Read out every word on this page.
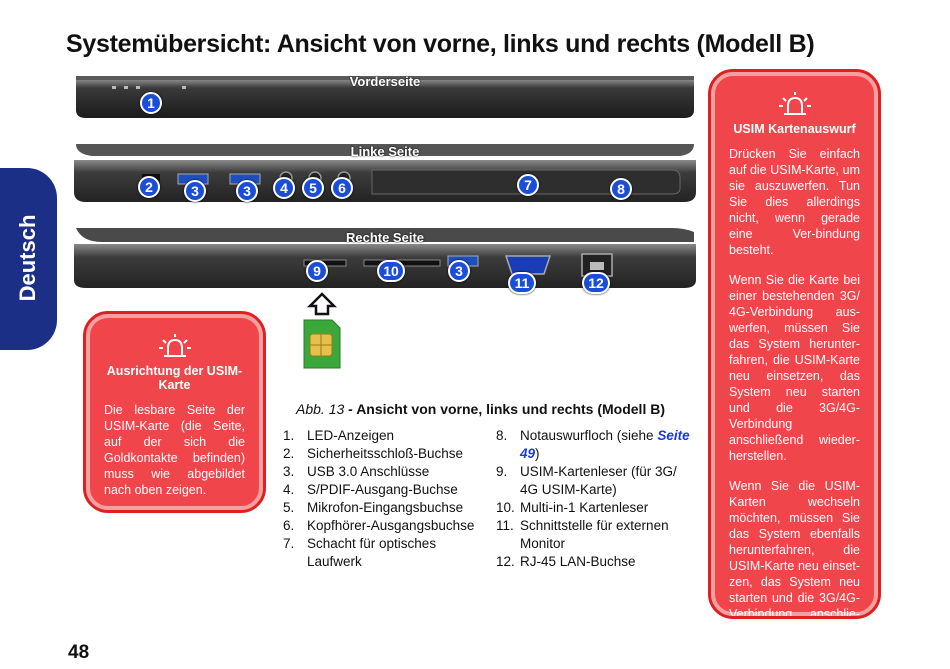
Systemübersicht: Ansicht von vorne, links und rechts (Modell B)
Deutsch
Vorderseite
1
Linke Seite
2	3	3	4	5	6	7	8
Rechte Seite
9	10	3
11	12
Ausrichtung der USIM-Karte
Die lesbare Seite der USIM-Karte (die Seite, auf der sich die Goldkontakte befinden) muss wie abgebildet nach oben zeigen.
USIM Kartenauswurf
Drücken Sie einfach auf die USIM-Karte, um sie auszuwerfen. Tun Sie dies allerdings nicht, wenn gerade eine Ver-bindung besteht.
Wenn Sie die Karte bei einer bestehenden 3G/ 4G-Verbindung aus-werfen, müssen Sie das System herunter-fahren, die USIM-Karte neu einsetzen, das System neu starten und die 3G/4G-Verbindung anschließend wieder-herstellen.
Wenn Sie die USIM-Karten wechseln möchten, müssen Sie das System ebenfalls herunterfahren, die USIM-Karte neu einset-zen, das System neu starten und die 3G/4G-Verbindung anschlie-ßend wiederherstellen.
Abb. 13 - Ansicht von vorne, links und rechts (Modell B)
1. LED-Anzeigen
2. Sicherheitsschloß-Buchse
3. USB 3.0 Anschlüsse
4. S/PDIF-Ausgang-Buchse
5. Mikrofon-Eingangsbuchse
6. Kopfhörer-Ausgangsbuchse
7. Schacht für optisches Laufwerk
8. Notauswurfloch (siehe Seite 49)
9. USIM-Kartenleser (für 3G/ 4G USIM-Karte)
10. Multi-in-1 Kartenleser
11. Schnittstelle für externen Monitor
12. RJ-45 LAN-Buchse
48
